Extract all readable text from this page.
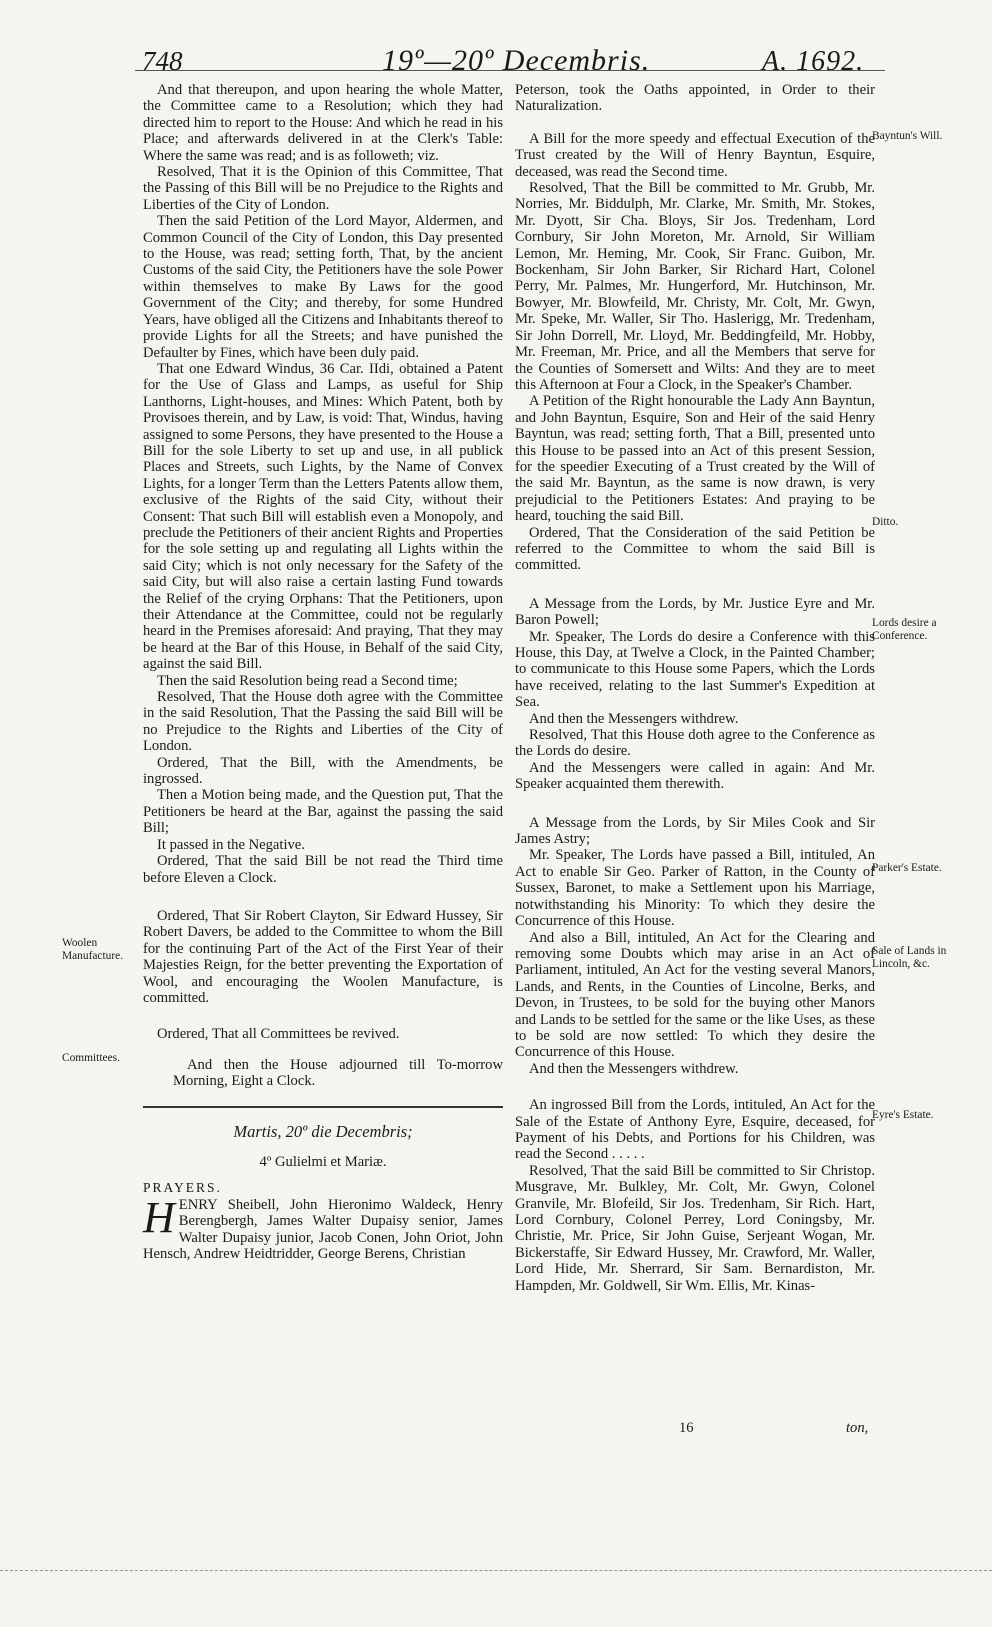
748	19º—20º Decembris.	A. 1692.

And that thereupon, and upon hearing the whole Matter, the Committee came to a Resolution; which they had directed him to report to the House: And which he read in his Place; and afterwards delivered in at the Clerk's Table: Where the same was read; and is as followeth; viz.

Resolved, That it is the Opinion of this Committee, That the Passing of this Bill will be no Prejudice to the Rights and Liberties of the City of London.

Then the said Petition of the Lord Mayor, Aldermen, and Common Council of the City of London, this Day presented to the House, was read; setting forth, That, by the ancient Customs of the said City, the Petitioners have the sole Power within themselves to make By Laws for the good Government of the City; and thereby, for some Hundred Years, have obliged all the Citizens and Inhabitants thereof to provide Lights for all the Streets; and have punished the Defaulter by Fines, which have been duly paid.

That one Edward Windus, 36 Car. IIdi, obtained a Patent for the Use of Glass and Lamps, as useful for Ship Lanthorns, Light-houses, and Mines: Which Patent, both by Provisoes therein, and by Law, is void: That, Windus, having assigned to some Persons, they have presented to the House a Bill for the sole Liberty to set up and use, in all publick Places and Streets, such Lights, by the Name of Convex Lights, for a longer Term than the Letters Patents allow them, exclusive of the Rights of the said City, without their Consent: That such Bill will establish even a Monopoly, and preclude the Petitioners of their ancient Rights and Properties for the sole setting up and regulating all Lights within the said City; which is not only necessary for the Safety of the said City, but will also raise a certain lasting Fund towards the Relief of the crying Orphans: That the Petitioners, upon their Attendance at the Committee, could not be regularly heard in the Premises aforesaid: And praying, That they may be heard at the Bar of this House, in Behalf of the said City, against the said Bill.

Then the said Resolution being read a Second time;

Resolved, That the House doth agree with the Committee in the said Resolution, That the Passing the said Bill will be no Prejudice to the Rights and Liberties of the City of London.

Ordered, That the Bill, with the Amendments, be ingrossed.

Then a Motion being made, and the Question put, That the Petitioners be heard at the Bar, against the passing the said Bill;

It passed in the Negative.

Ordered, That the said Bill be not read the Third time before Eleven a Clock.

Ordered, That Sir Robert Clayton, Sir Edward Hussey, Sir Robert Davers, be added to the Committee to whom the Bill for the continuing Part of the Act of the First Year of their Majesties Reign, for the better preventing the Exportation of Wool, and encouraging the Woolen Manufacture, is committed.

Ordered, That all Committees be revived.

And then the House adjourned till To-morrow Morning, Eight a Clock.

Martis, 20º die Decembris;
4º Gulielmi et Mariæ.

PRAYERS.

HENRY Sheibell, John Hieronimo Waldeck, Henry Berengbergh, James Walter Dupaisy senior, James Walter Dupaisy junior, Jacob Conen, John Oriot, John Hensch, Andrew Heidtridder, George Berens, Christian

Peterson, took the Oaths appointed, in Order to their Naturalization.

A Bill for the more speedy and effectual Execution of the Trust created by the Will of Henry Bayntun, Esquire, deceased, was read the Second time.

Resolved, That the Bill be committed to Mr. Grubb, Mr. Norries, Mr. Biddulph, Mr. Clarke, Mr. Smith, Mr. Stokes, Mr. Dyott, Sir Cha. Bloys, Sir Jos. Tredenham, Lord Cornbury, Sir John Moreton, Mr. Arnold, Sir William Lemon, Mr. Heming, Mr. Cook, Sir Franc. Guibon, Mr. Bockenham, Sir John Barker, Sir Richard Hart, Colonel Perry, Mr. Palmes, Mr. Hungerford, Mr. Hutchinson, Mr. Bowyer, Mr. Blowfeild, Mr. Christy, Mr. Colt, Mr. Gwyn, Mr. Speke, Mr. Waller, Sir Tho. Haslerigg, Mr. Tredenham, Sir John Dorrell, Mr. Lloyd, Mr. Beddingfeild, Mr. Hobby, Mr. Freeman, Mr. Price, and all the Members that serve for the Counties of Somersett and Wilts: And they are to meet this Afternoon at Four a Clock, in the Speaker's Chamber.

A Petition of the Right honourable the Lady Ann Bayntun, and John Bayntun, Esquire, Son and Heir of the said Henry Bayntun, was read; setting forth, That a Bill, presented unto this House to be passed into an Act of this present Session, for the speedier Executing of a Trust created by the Will of the said Mr. Bayntun, as the same is now drawn, is very prejudicial to the Petitioners Estates: And praying to be heard, touching the said Bill.

Ordered, That the Consideration of the said Petition be referred to the Committee to whom the said Bill is committed.

A Message from the Lords, by Mr. Justice Eyre and Mr. Baron Powell;

Mr. Speaker, The Lords do desire a Conference with this House, this Day, at Twelve a Clock, in the Painted Chamber; to communicate to this House some Papers, which the Lords have received, relating to the last Summer's Expedition at Sea.

And then the Messengers withdrew.

Resolved, That this House doth agree to the Conference as the Lords do desire.

And the Messengers were called in again: And Mr. Speaker acquainted them therewith.

A Message from the Lords, by Sir Miles Cook and Sir James Astry;

Mr. Speaker, The Lords have passed a Bill, intituled, An Act to enable Sir Geo. Parker of Ratton, in the County of Sussex, Baronet, to make a Settlement upon his Marriage, notwithstanding his Minority: To which they desire the Concurrence of this House.

And also a Bill, intituled, An Act for the Clearing and removing some Doubts which may arise in an Act of Parliament, intituled, An Act for the vesting several Manors, Lands, and Rents, in the Counties of Lincolne, Berks, and Devon, in Trustees, to be sold for the buying other Manors and Lands to be settled for the same or the like Uses, as these to be sold are now settled: To which they desire the Concurrence of this House.

And then the Messengers withdrew.

An ingrossed Bill from the Lords, intituled, An Act for the Sale of the Estate of Anthony Eyre, Esquire, deceased, for Payment of his Debts, and Portions for his Children, was read the Second . . . . .

Resolved, That the said Bill be committed to Sir Christop. Musgrave, Mr. Bulkley, Mr. Colt, Mr. Gwyn, Colonel Granvile, Mr. Blofeild, Sir Jos. Tredenham, Sir Rich. Hart, Lord Cornbury, Colonel Perrey, Lord Coningsby, Mr. Christie, Mr. Price, Sir John Guise, Serjeant Wogan, Mr. Bickerstaffe, Sir Edward Hussey, Mr. Crawford, Mr. Waller, Lord Hide, Mr. Sherrard, Sir Sam. Bernardiston, Mr. Hampden, Mr. Goldwell, Sir Wm. Ellis, Mr. Kinas-

Woolen Manufacture.
Committees.
Bayntun's Will.
Ditto.
Lords desire a Conference.
Parker's Estate.
Sale of Lands in Lincoln, &c.
Eyre's Estate.
16	ton,
